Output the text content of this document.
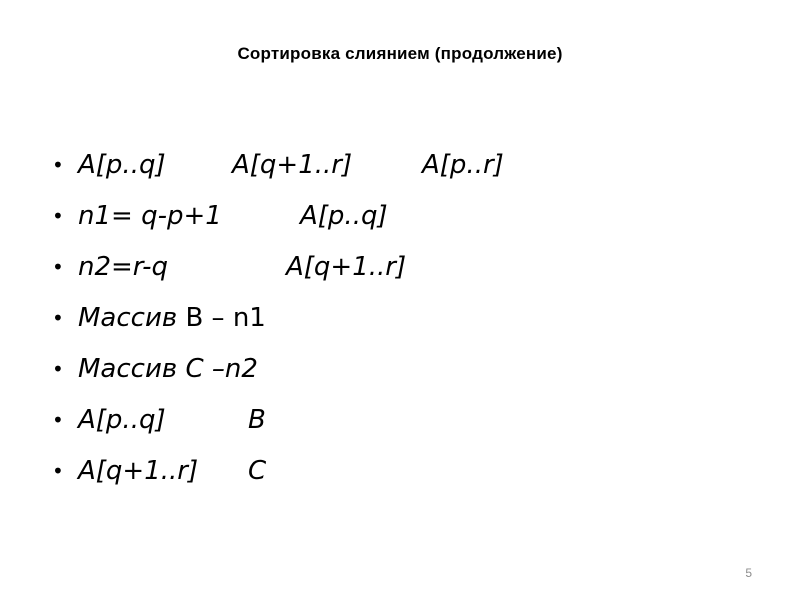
Сортировка слиянием (продолжение)
• A[p..q]	A[q+1..r]	A[p..r]
• n1= q-p+1	A[p..q]
• n2=r-q	A[q+1..r]
• Массив B – n1
• Массив С –n2
• A[p..q]	B
• A[q+1..r]	C
5
